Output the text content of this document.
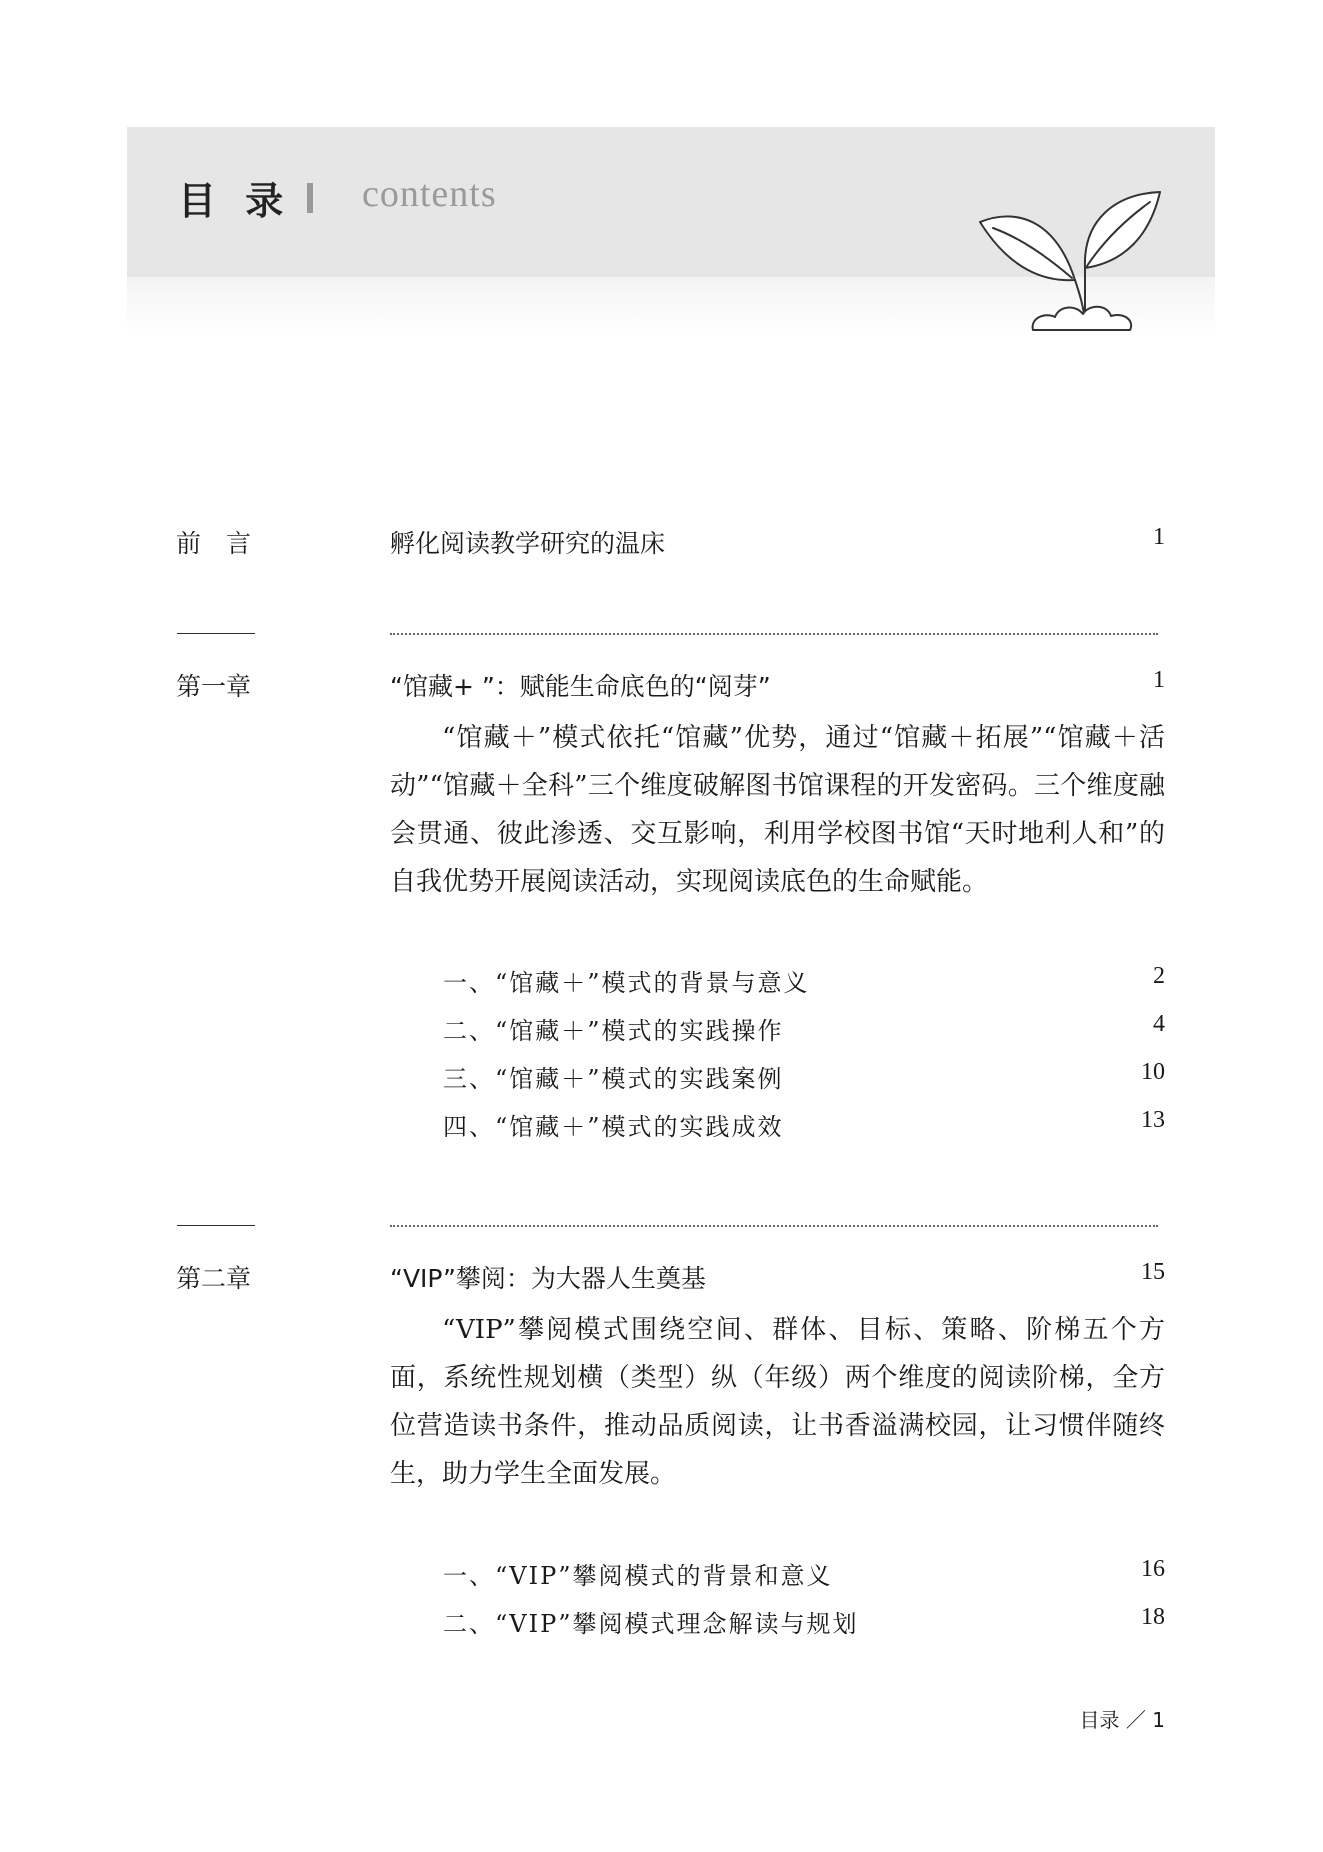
目 录 contents
前　言	孵化阅读教学研究的温床	1
第一章	“馆藏+ ”：赋能生命底色的“阅芽”	1
“馆藏＋”模式依托“馆藏”优势，通过“馆藏＋拓展”“馆藏＋活动”“馆藏＋全科”三个维度破解图书馆课程的开发密码。三个维度融会贯通、彼此渗透、交互影响，利用学校图书馆“天时地利人和”的自我优势开展阅读活动，实现阅读底色的生命赋能。
一、“馆藏＋”模式的背景与意义	2
二、“馆藏＋”模式的实践操作	4
三、“馆藏＋”模式的实践案例	10
四、“馆藏＋”模式的实践成效	13
第二章	“VIP”攀阅：为大器人生奠基	15
“VIP”攀阅模式围绕空间、群体、目标、策略、阶梯五个方面，系统性规划横（类型）纵（年级）两个维度的阅读阶梯，全方位营造读书条件，推动品质阅读，让书香溢满校园，让习惯伴随终生，助力学生全面发展。
一、“VIP”攀阅模式的背景和意义	16
二、“VIP”攀阅模式理念解读与规划	18
目录 ／ 1
